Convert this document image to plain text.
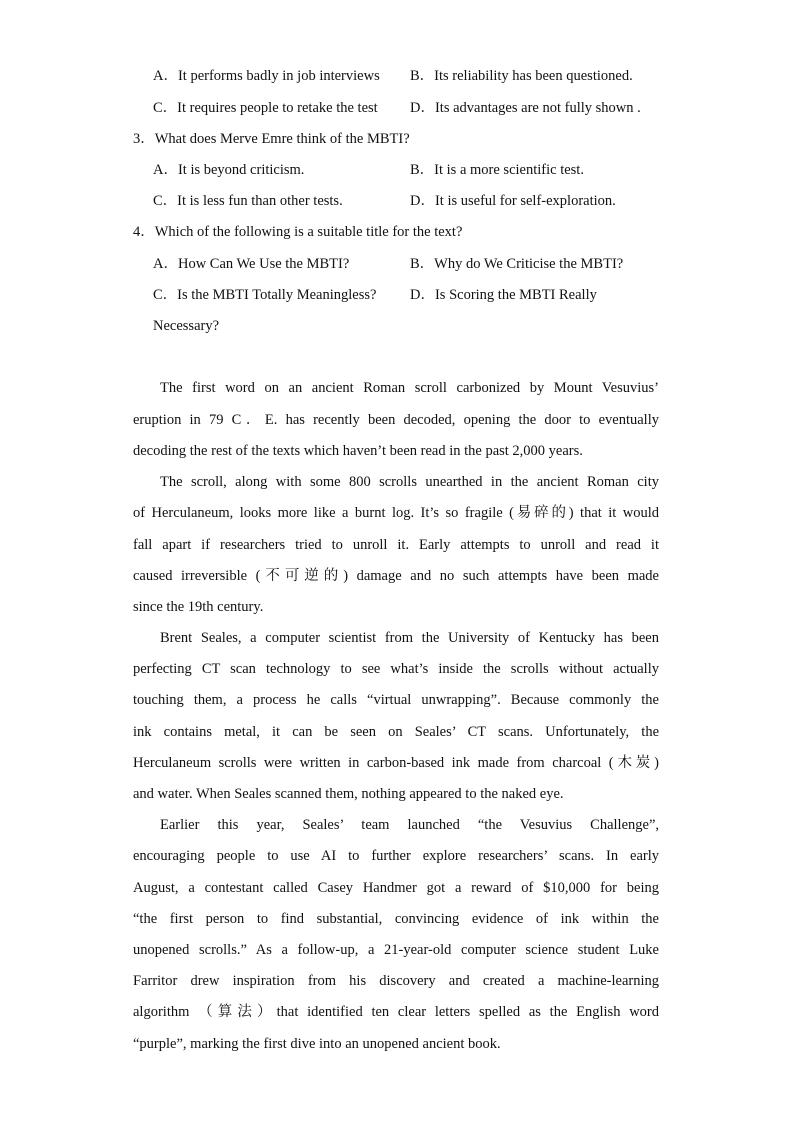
A．It performs badly in job interviews B．Its reliability has been questioned.
C．It requires people to retake the test D．Its advantages are not fully shown .
3．What does Merve Emre think of the MBTI?
A．It is beyond criticism.	B．It is a more scientific test.
C．It is less fun than other tests.	D．It is useful for self-exploration.
4．Which of the following is a suitable title for the text?
A．How Can We Use the MBTI?	B．Why do We Criticise the MBTI?
C．Is the MBTI Totally Meaningless? D．Is Scoring the MBTI Really
Necessary?
The first word on an ancient Roman scroll carbonized by Mount Vesuvius’
eruption in 79 C．E. has recently been decoded, opening the door to eventually
decoding the rest of the texts which haven’t been read in the past 2,000 years.
The scroll, along with some 800 scrolls unearthed in the ancient Roman city
of Herculaneum, looks more like a burnt log. It’s so fragile (易碎的) that it would
fall apart if researchers tried to unroll it. Early attempts to unroll and read it
caused irreversible (不可逆的) damage and no such attempts have been made
since the 19th century.
Brent Seales, a computer scientist from the University of Kentucky has been
perfecting CT scan technology to see what’s inside the scrolls without actually
touching them, a process he calls “virtual unwrapping”. Because commonly the
ink contains metal, it can be seen on Seales’ CT scans. Unfortunately, the
Herculaneum scrolls were written in carbon-based ink made from charcoal (木炭)
and water. When Seales scanned them, nothing appeared to the naked eye.
Earlier this year, Seales’ team launched “the Vesuvius Challenge”,
encouraging people to use AI to further explore researchers’ scans. In early
August, a contestant called Casey Handmer got a reward of $10,000 for being
“the first person to find substantial, convincing evidence of ink within the
unopened scrolls.” As a follow-up, a 21-year-old computer science student Luke
Farritor drew inspiration from his discovery and created a machine-learning
algorithm （算法）that identified ten clear letters spelled as the English word
“purple”, marking the first dive into an unopened ancient book.
